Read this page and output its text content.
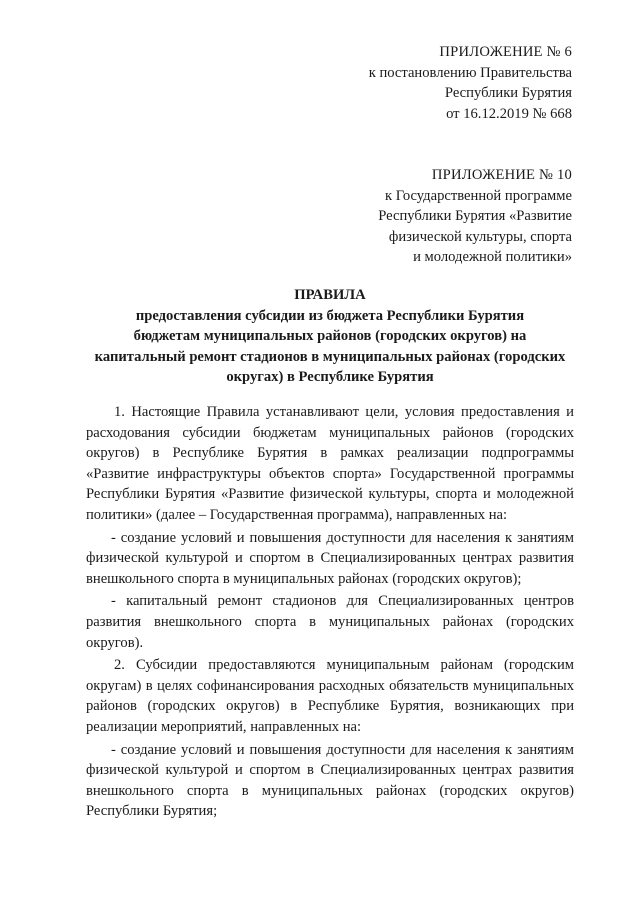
ПРИЛОЖЕНИЕ № 6
к постановлению Правительства
Республики Бурятия
от 16.12.2019 № 668
ПРИЛОЖЕНИЕ № 10
к Государственной программе
Республики Бурятия «Развитие
физической культуры, спорта
и молодежной политики»
ПРАВИЛА
предоставления субсидии из бюджета Республики Бурятия
бюджетам муниципальных районов (городских округов) на
капитальный ремонт стадионов в муниципальных районах (городских
округах) в Республике Бурятия

1. Настоящие Правила устанавливают цели, условия предоставления и расходования субсидии бюджетам муниципальных районов (городских округов) в Республике Бурятия в рамках реализации подпрограммы «Развитие инфраструктуры объектов спорта» Государственной программы Республики Бурятия «Развитие физической культуры, спорта и молодежной политики» (далее – Государственная программа), направленных на:

- создание условий и повышения доступности для населения к занятиям физической культурой и спортом в Специализированных центрах развития внешкольного спорта в муниципальных районах (городских округов);

- капитальный ремонт стадионов для Специализированных центров развития внешкольного спорта в муниципальных районах (городских округов).

2. Субсидии предоставляются муниципальным районам (городским округам) в целях софинансирования расходных обязательств муниципальных районов (городских округов) в Республике Бурятия, возникающих при реализации мероприятий, направленных на:

- создание условий и повышения доступности для населения к занятиям физической культурой и спортом в Специализированных центрах развития внешкольного спорта в муниципальных районах (городских округов) Республики Бурятия;
